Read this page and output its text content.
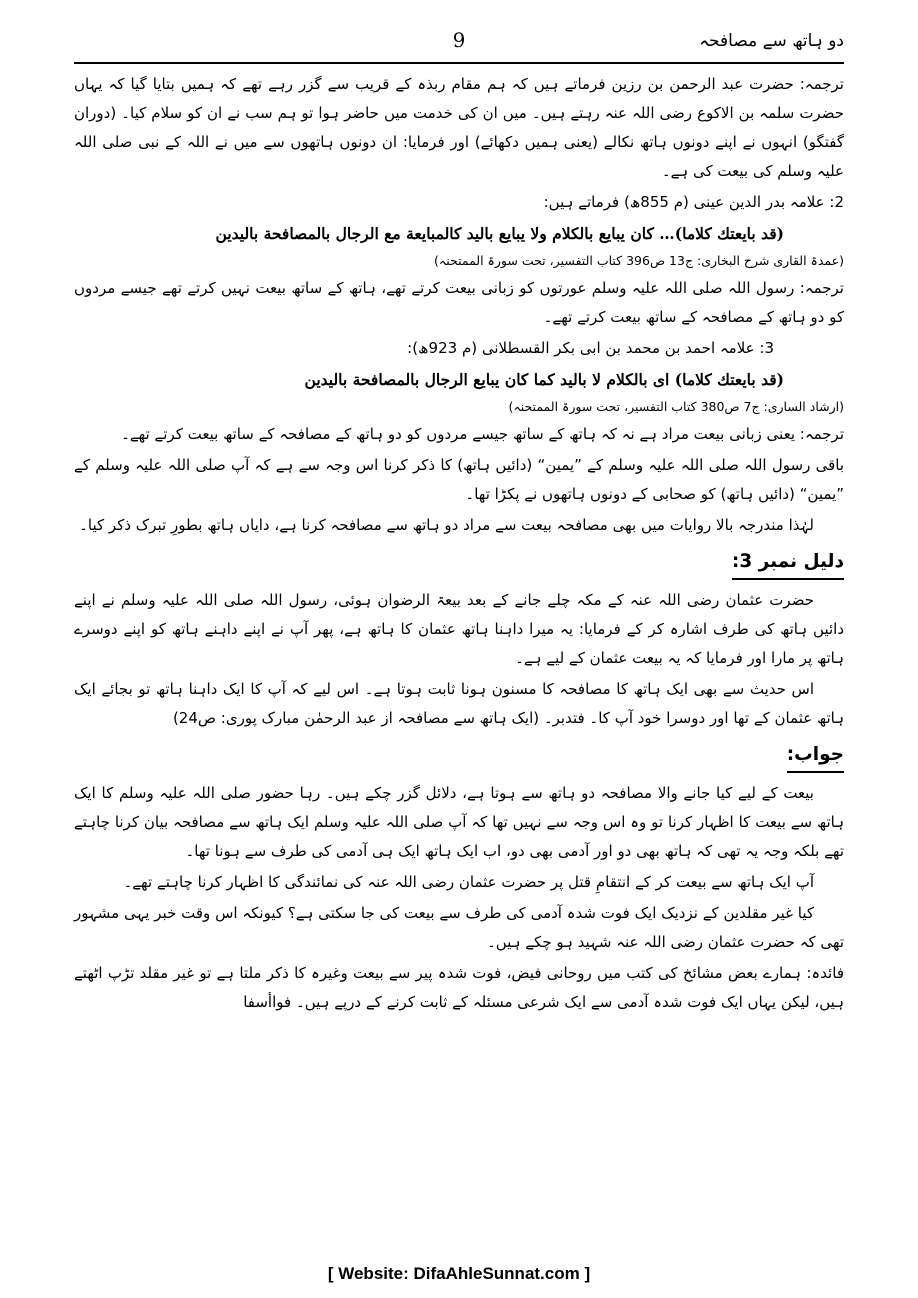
دو ہاتھ سے مصافحہ
9

ترجمہ: حضرت عبد الرحمن بن رزین فرماتے ہیں کہ ہم مقام ربذہ کے قریب سے گزر رہے تھے کہ ہمیں بتایا گیا کہ یہاں حضرت سلمہ بن الاکوع رضی اللہ عنہ رہتے ہیں۔ میں ان کی خدمت میں حاضر ہوا تو ہم سب نے ان کو سلام کیا۔ (دوران گفتگو) انہوں نے اپنے دونوں ہاتھ نکالے (یعنی ہمیں دکھائے) اور فرمایا: ان دونوں ہاتھوں سے میں نے اللہ کے نبی صلی اللہ علیہ وسلم کی بیعت کی ہے۔

2: علامہ بدر الدین عینی (م 855ھ) فرماتے ہیں:

(قد بایعتك كلاما)… كان يبايع بالكلام ولا يبايع باليد كالمبايعة مع الرجال بالمصافحة باليدين

(عمدۃ القاری شرح البخاری: ج13 ص396 کتاب التفسیر، تحت سورۃ الممتحنہ)

ترجمہ: رسول اللہ صلی اللہ علیہ وسلم عورتوں کو زبانی بیعت کرتے تھے، ہاتھ کے ساتھ بیعت نہیں کرتے تھے جیسے مردوں کو دو ہاتھ کے مصافحہ کے ساتھ بیعت کرتے تھے۔

3: علامہ احمد بن محمد بن ابی بکر القسطلانی (م 923ھ):

(قد بایعتك كلاما) اى بالكلام لا باليد كما كان يبايع الرجال بالمصافحة باليدين

(ارشاد الساری: ج7 ص380 کتاب التفسیر، تحت سورۃ الممتحنہ)

ترجمہ: یعنی زبانی بیعت مراد ہے نہ کہ ہاتھ کے ساتھ جیسے مردوں کو دو ہاتھ کے مصافحہ کے ساتھ بیعت کرتے تھے۔

باقی رسول اللہ صلی اللہ علیہ وسلم کے ”یمین“ (دائیں ہاتھ) کا ذکر کرنا اس وجہ سے ہے کہ آپ صلی اللہ علیہ وسلم کے ”یمین“ (دائیں ہاتھ) کو صحابی کے دونوں ہاتھوں نے پکڑا تھا۔

لہٰذا مندرجہ بالا روایات میں بھی مصافحہ بیعت سے مراد دو ہاتھ سے مصافحہ کرنا ہے، دایاں ہاتھ بطورِ تبرک ذکر کیا۔

دلیل نمبر 3:

حضرت عثمان رضی اللہ عنہ کے مکہ چلے جانے کے بعد بیعۃ الرضوان ہوئی، رسول اللہ صلی اللہ علیہ وسلم نے اپنے دائیں ہاتھ کی طرف اشارہ کر کے فرمایا: یہ میرا داہنا ہاتھ عثمان کا ہاتھ ہے، پھر آپ نے اپنے داہنے ہاتھ کو اپنے دوسرے ہاتھ پر مارا اور فرمایا کہ یہ بیعت عثمان کے لیے ہے۔

اس حدیث سے بھی ایک ہاتھ کا مصافحہ کا مسنون ہونا ثابت ہوتا ہے۔ اس لیے کہ آپ کا ایک داہنا ہاتھ تو بجائے ایک ہاتھ عثمان کے تھا اور دوسرا خود آپ کا۔ فتدبر۔ (ایک ہاتھ سے مصافحہ از عبد الرحمٰن مبارک پوری: ص24)

جواب:

بیعت کے لیے کیا جانے والا مصافحہ دو ہاتھ سے ہوتا ہے، دلائل گزر چکے ہیں۔ رہا حضور صلی اللہ علیہ وسلم کا ایک ہاتھ سے بیعت کا اظہار کرنا تو وہ اس وجہ سے نہیں تھا کہ آپ صلی اللہ علیہ وسلم ایک ہاتھ سے مصافحہ بیان کرنا چاہتے تھے بلکہ وجہ یہ تھی کہ ہاتھ بھی دو اور آدمی بھی دو، اب ایک ہاتھ ایک ہی آدمی کی طرف سے ہونا تھا۔

آپ ایک ہاتھ سے بیعت کر کے انتقامِ قتل پر حضرت عثمان رضی اللہ عنہ کی نمائندگی کا اظہار کرنا چاہتے تھے۔

کیا غیر مقلدین کے نزدیک ایک فوت شدہ آدمی کی طرف سے بیعت کی جا سکتی ہے؟ کیونکہ اس وقت خبر یہی مشہور تھی کہ حضرت عثمان رضی اللہ عنہ شہید ہو چکے ہیں۔

فائدہ: ہمارے بعض مشائخ کی کتب میں روحانی فیض، فوت شدہ پیر سے بیعت وغیرہ کا ذکر ملتا ہے تو غیر مقلد تڑپ اٹھتے ہیں، لیکن یہاں ایک فوت شدہ آدمی سے ایک شرعی مسئلہ کے ثابت کرنے کے درپے ہیں۔ فواأسفا

[ Website: DifaAhleSunnat.com ]
